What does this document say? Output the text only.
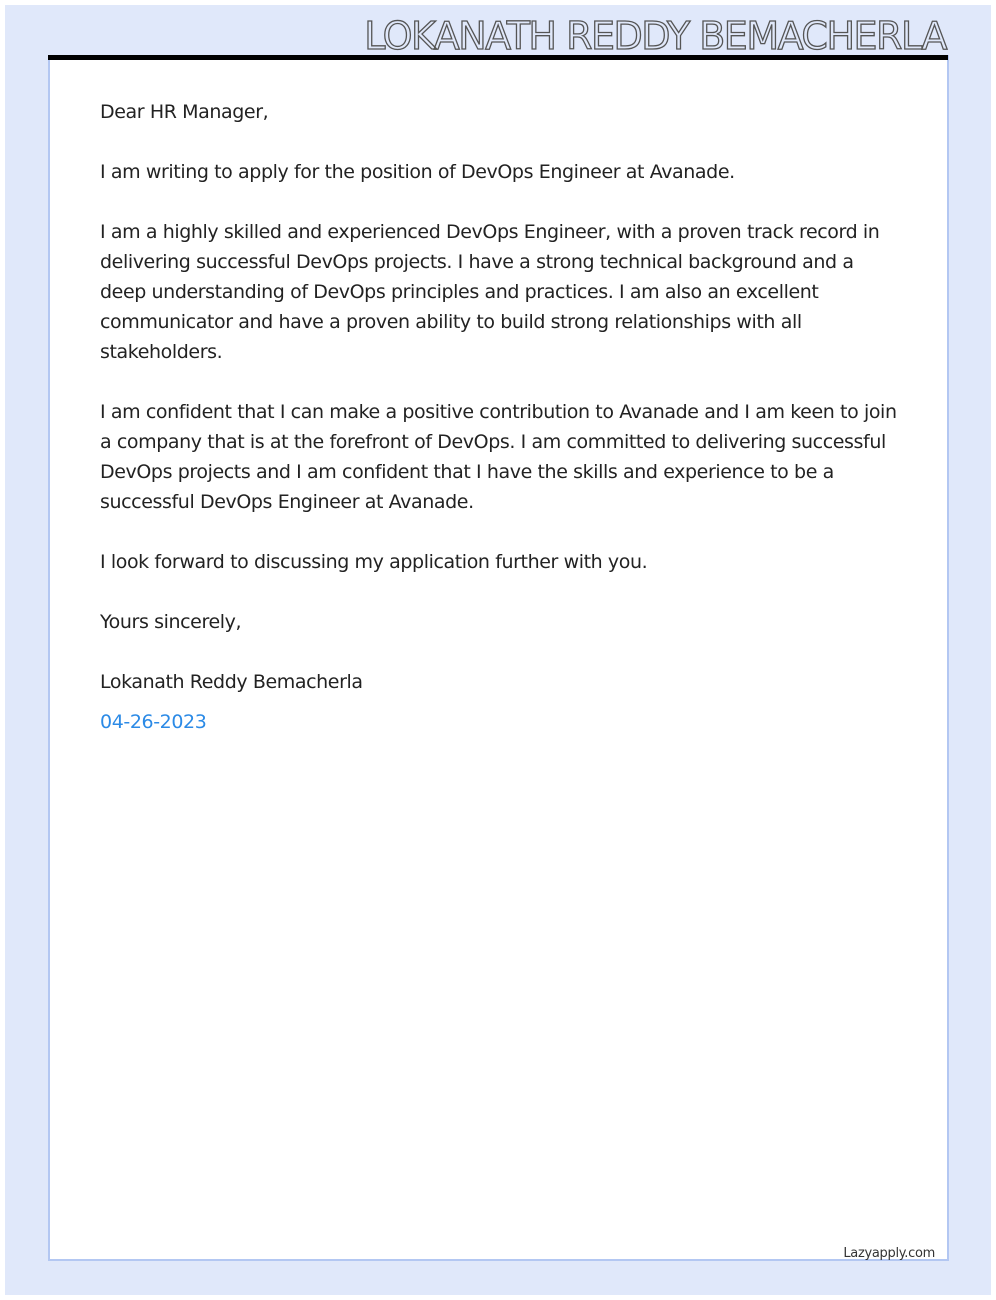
LOKANATH REDDY BEMACHERLA

Dear HR Manager,

I am writing to apply for the position of DevOps Engineer at Avanade.

I am a highly skilled and experienced DevOps Engineer, with a proven track record in delivering successful DevOps projects. I have a strong technical background and a deep understanding of DevOps principles and practices. I am also an excellent communicator and have a proven ability to build strong relationships with all stakeholders.

I am confident that I can make a positive contribution to Avanade and I am keen to join a company that is at the forefront of DevOps. I am committed to delivering successful DevOps projects and I am confident that I have the skills and experience to be a successful DevOps Engineer at Avanade.

I look forward to discussing my application further with you.

Yours sincerely,

Lokanath Reddy Bemacherla

04-26-2023
Lazyapply.com
